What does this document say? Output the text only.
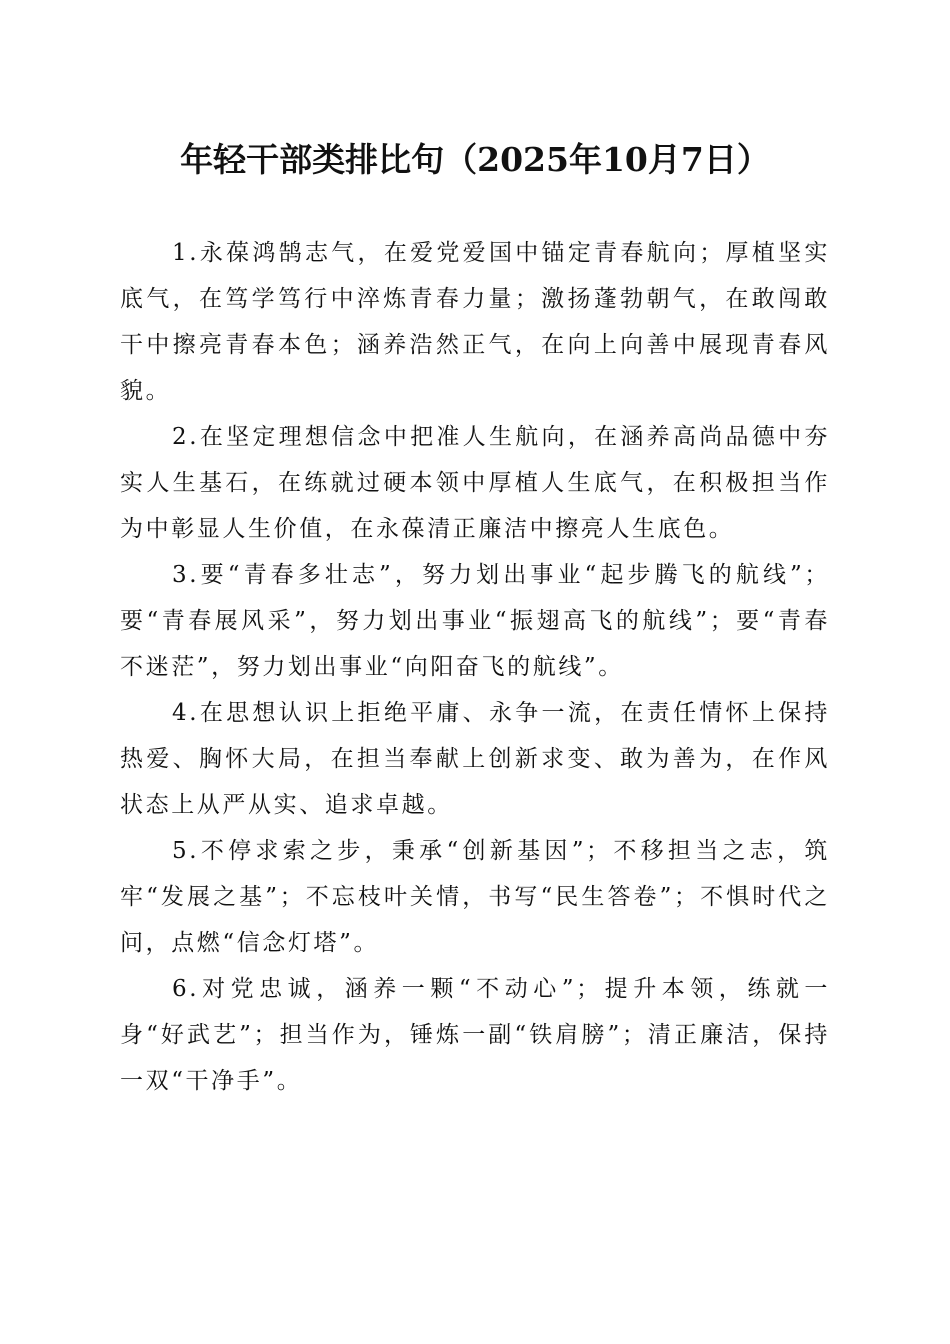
年轻干部类排比句（2025年10月7日）

1.永葆鸿鹄志气，在爱党爱国中锚定青春航向；厚植坚实底气，在笃学笃行中淬炼青春力量；激扬蓬勃朝气，在敢闯敢干中擦亮青春本色；涵养浩然正气，在向上向善中展现青春风貌。

2.在坚定理想信念中把准人生航向，在涵养高尚品德中夯实人生基石，在练就过硬本领中厚植人生底气，在积极担当作为中彰显人生价值，在永葆清正廉洁中擦亮人生底色。

3.要“青春多壮志”，努力划出事业“起步腾飞的航线”；要“青春展风采”，努力划出事业“振翅高飞的航线”；要“青春不迷茫”，努力划出事业“向阳奋飞的航线”。

4.在思想认识上拒绝平庸、永争一流，在责任情怀上保持热爱、胸怀大局，在担当奉献上创新求变、敢为善为，在作风状态上从严从实、追求卓越。

5.不停求索之步，秉承“创新基因”；不移担当之志，筑牢“发展之基”；不忘枝叶关情，书写“民生答卷”；不惧时代之问，点燃“信念灯塔”。

6.对党忠诚，涵养一颗“不动心”；提升本领，练就一身“好武艺”；担当作为，锤炼一副“铁肩膀”；清正廉洁，保持一双“干净手”。
